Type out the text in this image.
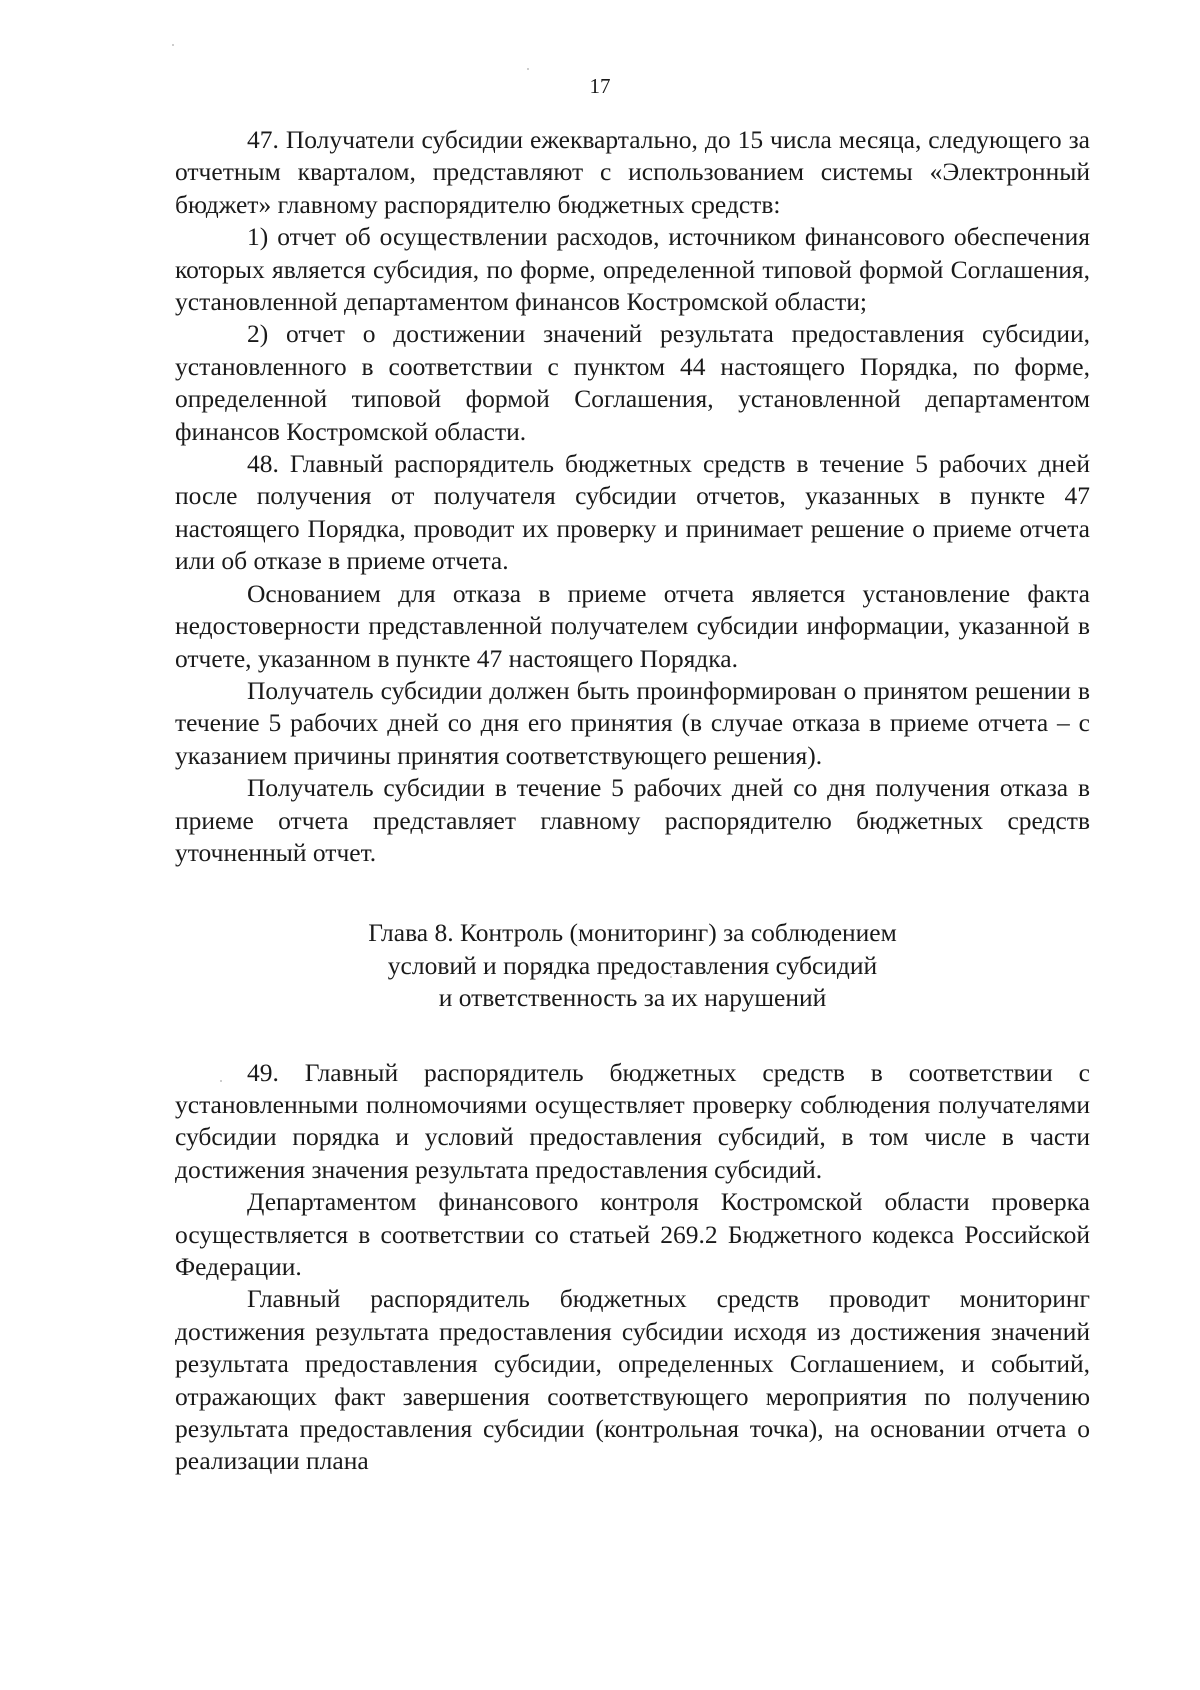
17

47. Получатели субсидии ежеквартально, до 15 числа месяца, следующего за отчетным кварталом, представляют с использованием системы «Электронный бюджет» главному распорядителю бюджетных средств:

1) отчет об осуществлении расходов, источником финансового обеспечения которых является субсидия, по форме, определенной типовой формой Соглашения, установленной департаментом финансов Костромской области;

2) отчет о достижении значений результата предоставления субсидии, установленного в соответствии с пунктом 44 настоящего Порядка, по форме, определенной типовой формой Соглашения, установленной департаментом финансов Костромской области.

48. Главный распорядитель бюджетных средств в течение 5 рабочих дней после получения от получателя субсидии отчетов, указанных в пункте 47 настоящего Порядка, проводит их проверку и принимает решение о приеме отчета или об отказе в приеме отчета.

Основанием для отказа в приеме отчета является установление факта недостоверности представленной получателем субсидии информации, указанной в отчете, указанном в пункте 47 настоящего Порядка.

Получатель субсидии должен быть проинформирован о принятом решении в течение 5 рабочих дней со дня его принятия (в случае отказа в приеме отчета – с указанием причины принятия соответствующего решения).

Получатель субсидии в течение 5 рабочих дней со дня получения отказа в приеме отчета представляет главному распорядителю бюджетных средств уточненный отчет.

Глава 8. Контроль (мониторинг) за соблюдением
условий и порядка предоставления субсидий
и ответственность за их нарушений

49. Главный распорядитель бюджетных средств в соответствии с установленными полномочиями осуществляет проверку соблюдения получателями субсидии порядка и условий предоставления субсидий, в том числе в части достижения значения результата предоставления субсидий.

Департаментом финансового контроля Костромской области проверка осуществляется в соответствии со статьей 269.2 Бюджетного кодекса Российской Федерации.

Главный распорядитель бюджетных средств проводит мониторинг достижения результата предоставления субсидии исходя из достижения значений результата предоставления субсидии, определенных Соглашением, и событий, отражающих факт завершения соответствующего мероприятия по получению результата предоставления субсидии (контрольная точка), на основании отчета о реализации плана
